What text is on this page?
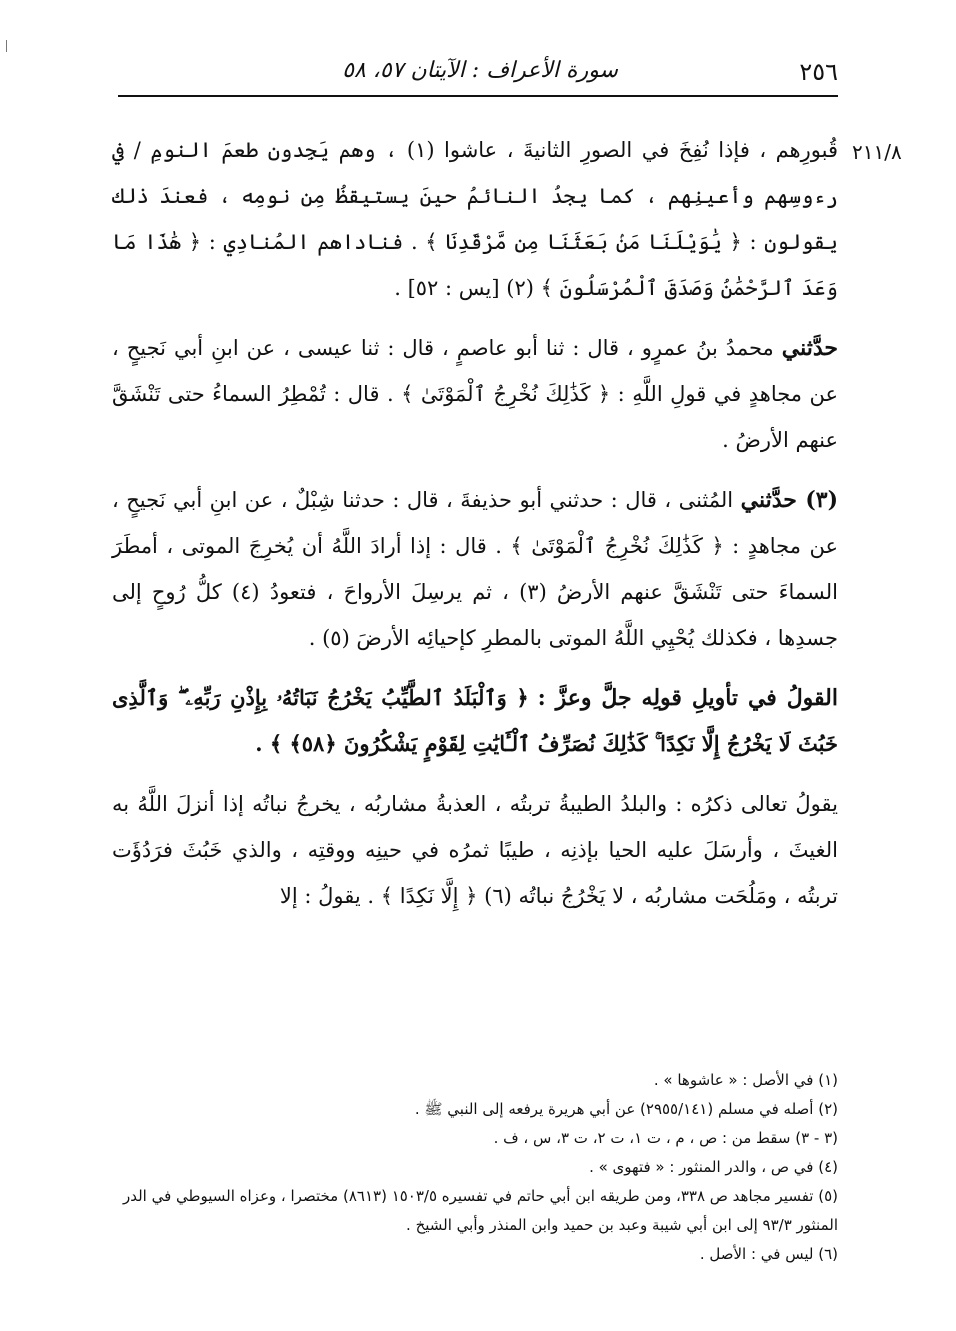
٢٥٦
سورة الأعراف : الآيتان ٥٧، ٥٨
٢١١/٨

قُبورِهم ، فإذا نُفِخَ في الصورِ الثانيةَ ، عاشوا (١) ، وهم يَجِدون طعمَ النومِ / في رءوسِهم وأعينِهم ، كما يجدُ النائمُ حينَ يستيقظُ مِن نومِه ، فعندَ ذلك يقولون : ﴿ يَٰوَيْلَنَا مَنۢ بَعَثَنَا مِن مَّرْقَدِنَا ﴾ . فناداهم المُنادِي : ﴿ هَٰذَا مَا وَعَدَ ٱلرَّحْمَٰنُ وَصَدَقَ ٱلْمُرْسَلُونَ ﴾ (٢) [يس : ٥٢] .

حدَّثني محمدُ بنُ عمرٍو ، قال : ثنا أبو عاصمٍ ، قال : ثنا عيسى ، عن ابنِ أبي نَجيحٍ ، عن مجاهدٍ في قولِ اللَّهِ : ﴿ كَذَٰلِكَ نُخْرِجُ ٱلْمَوْتَىٰ ﴾ . قال : تُمْطِرُ السماءُ حتى تَنْشَقَّ عنهم الأرضُ .

(٣) حدَّثني المُثنى ، قال : حدثني أبو حذيفةَ ، قال : حدثنا شِبْلٌ ، عن ابنِ أبي نَجيحٍ ، عن مجاهدٍ : ﴿ كَذَٰلِكَ نُخْرِجُ ٱلْمَوْتَىٰ ﴾ . قال : إذا أرادَ اللَّهُ أن يُخرِجَ الموتى ، أمطَرَ السماءَ حتى تَنْشَقَّ عنهم الأرضُ (٣) ، ثم يرسِلَ الأرواحَ ، فتعودُ (٤) كلُّ رُوحٍ إلى جسدِها ، فكذلك يُحْيِي اللَّهُ الموتى بالمطرِ كإحيائِه الأرضَ (٥) .

القولُ في تأويلِ قولِه جلَّ وعزَّ : ﴿ وَٱلْبَلَدُ ٱلطَّيِّبُ يَخْرُجُ نَبَاتُهُۥ بِإِذْنِ رَبِّهِۦ ۖ وَٱلَّذِى خَبُثَ لَا يَخْرُجُ إِلَّا نَكِدًا ۚ كَذَٰلِكَ نُصَرِّفُ ٱلْـَٔايَٰتِ لِقَوْمٍ يَشْكُرُونَ ﴿٥٨﴾ ﴾ .

يقولُ تعالى ذكرُه : والبلدُ الطيبةُ تربتُه ، العذبةُ مشاربُه ، يخرجُ نباتُه إذا أنزلَ اللَّهُ به الغيثَ ، وأرسَلَ عليه الحيا بإذنِه ، طيبًا ثمرُه في حينِه ووقتِه ، والذي خَبُثَ فرَدُؤَت تربتُه ، ومَلُحَت مشاربُه ، لا يَخْرُجُ نباتُه (٦) ﴿ إِلَّا نَكِدًا ﴾ . يقولُ : إلا

(١) في الأصل : « عاشوها » .

(٢) أصله في مسلم (٢٩٥٥/١٤١) عن أبي هريرة يرفعه إلى النبي ﷺ .

(٣ - ٣) سقط من : ص ، م ، ت ١، ت ٢، ت ٣، س ، ف .

(٤) في ص ، والدر المنثور : « فتهوى » .

(٥) تفسير مجاهد ص ٣٣٨، ومن طريقه ابن أبي حاتم في تفسيره ١٥٠٣/٥ (٨٦١٣) مختصرا ، وعزاه السيوطي في الدر المنثور ٩٣/٣ إلى ابن أبي شيبة وعبد بن حميد وابن المنذر وأبي الشيخ .

(٦) ليس في : الأصل .
